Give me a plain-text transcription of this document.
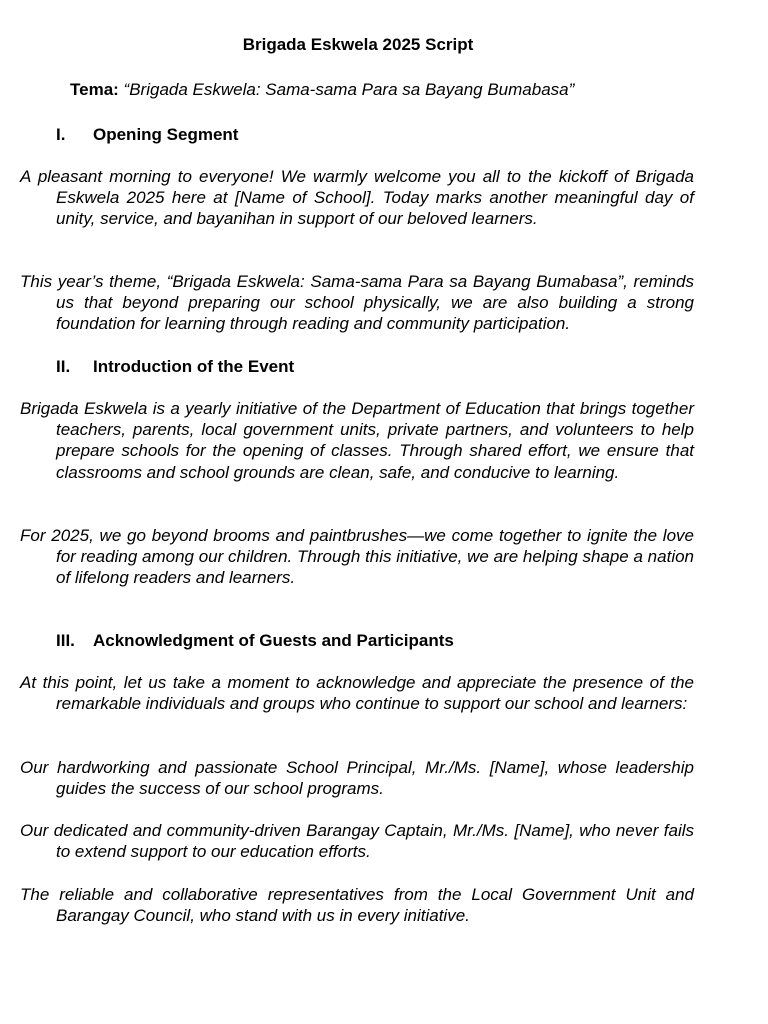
Brigada Eskwela 2025 Script
Tema: “Brigada Eskwela: Sama-sama Para sa Bayang Bumabasa”
I. Opening Segment

A pleasant morning to everyone! We warmly welcome you all to the kickoff of Brigada Eskwela 2025 here at [Name of School]. Today marks another meaningful day of unity, service, and bayanihan in support of our beloved learners.

This year’s theme, “Brigada Eskwela: Sama-sama Para sa Bayang Bumabasa”, reminds us that beyond preparing our school physically, we are also building a strong foundation for learning through reading and community participation.

II. Introduction of the Event

Brigada Eskwela is a yearly initiative of the Department of Education that brings together teachers, parents, local government units, private partners, and volunteers to help prepare schools for the opening of classes. Through shared effort, we ensure that classrooms and school grounds are clean, safe, and conducive to learning.

For 2025, we go beyond brooms and paintbrushes—we come together to ignite the love for reading among our children. Through this initiative, we are helping shape a nation of lifelong readers and learners.

III. Acknowledgment of Guests and Participants

At this point, let us take a moment to acknowledge and appreciate the presence of the remarkable individuals and groups who continue to support our school and learners:

Our hardworking and passionate School Principal, Mr./Ms. [Name], whose leadership guides the success of our school programs.

Our dedicated and community-driven Barangay Captain, Mr./Ms. [Name], who never fails to extend support to our education efforts.

The reliable and collaborative representatives from the Local Government Unit and Barangay Council, who stand with us in every initiative.
